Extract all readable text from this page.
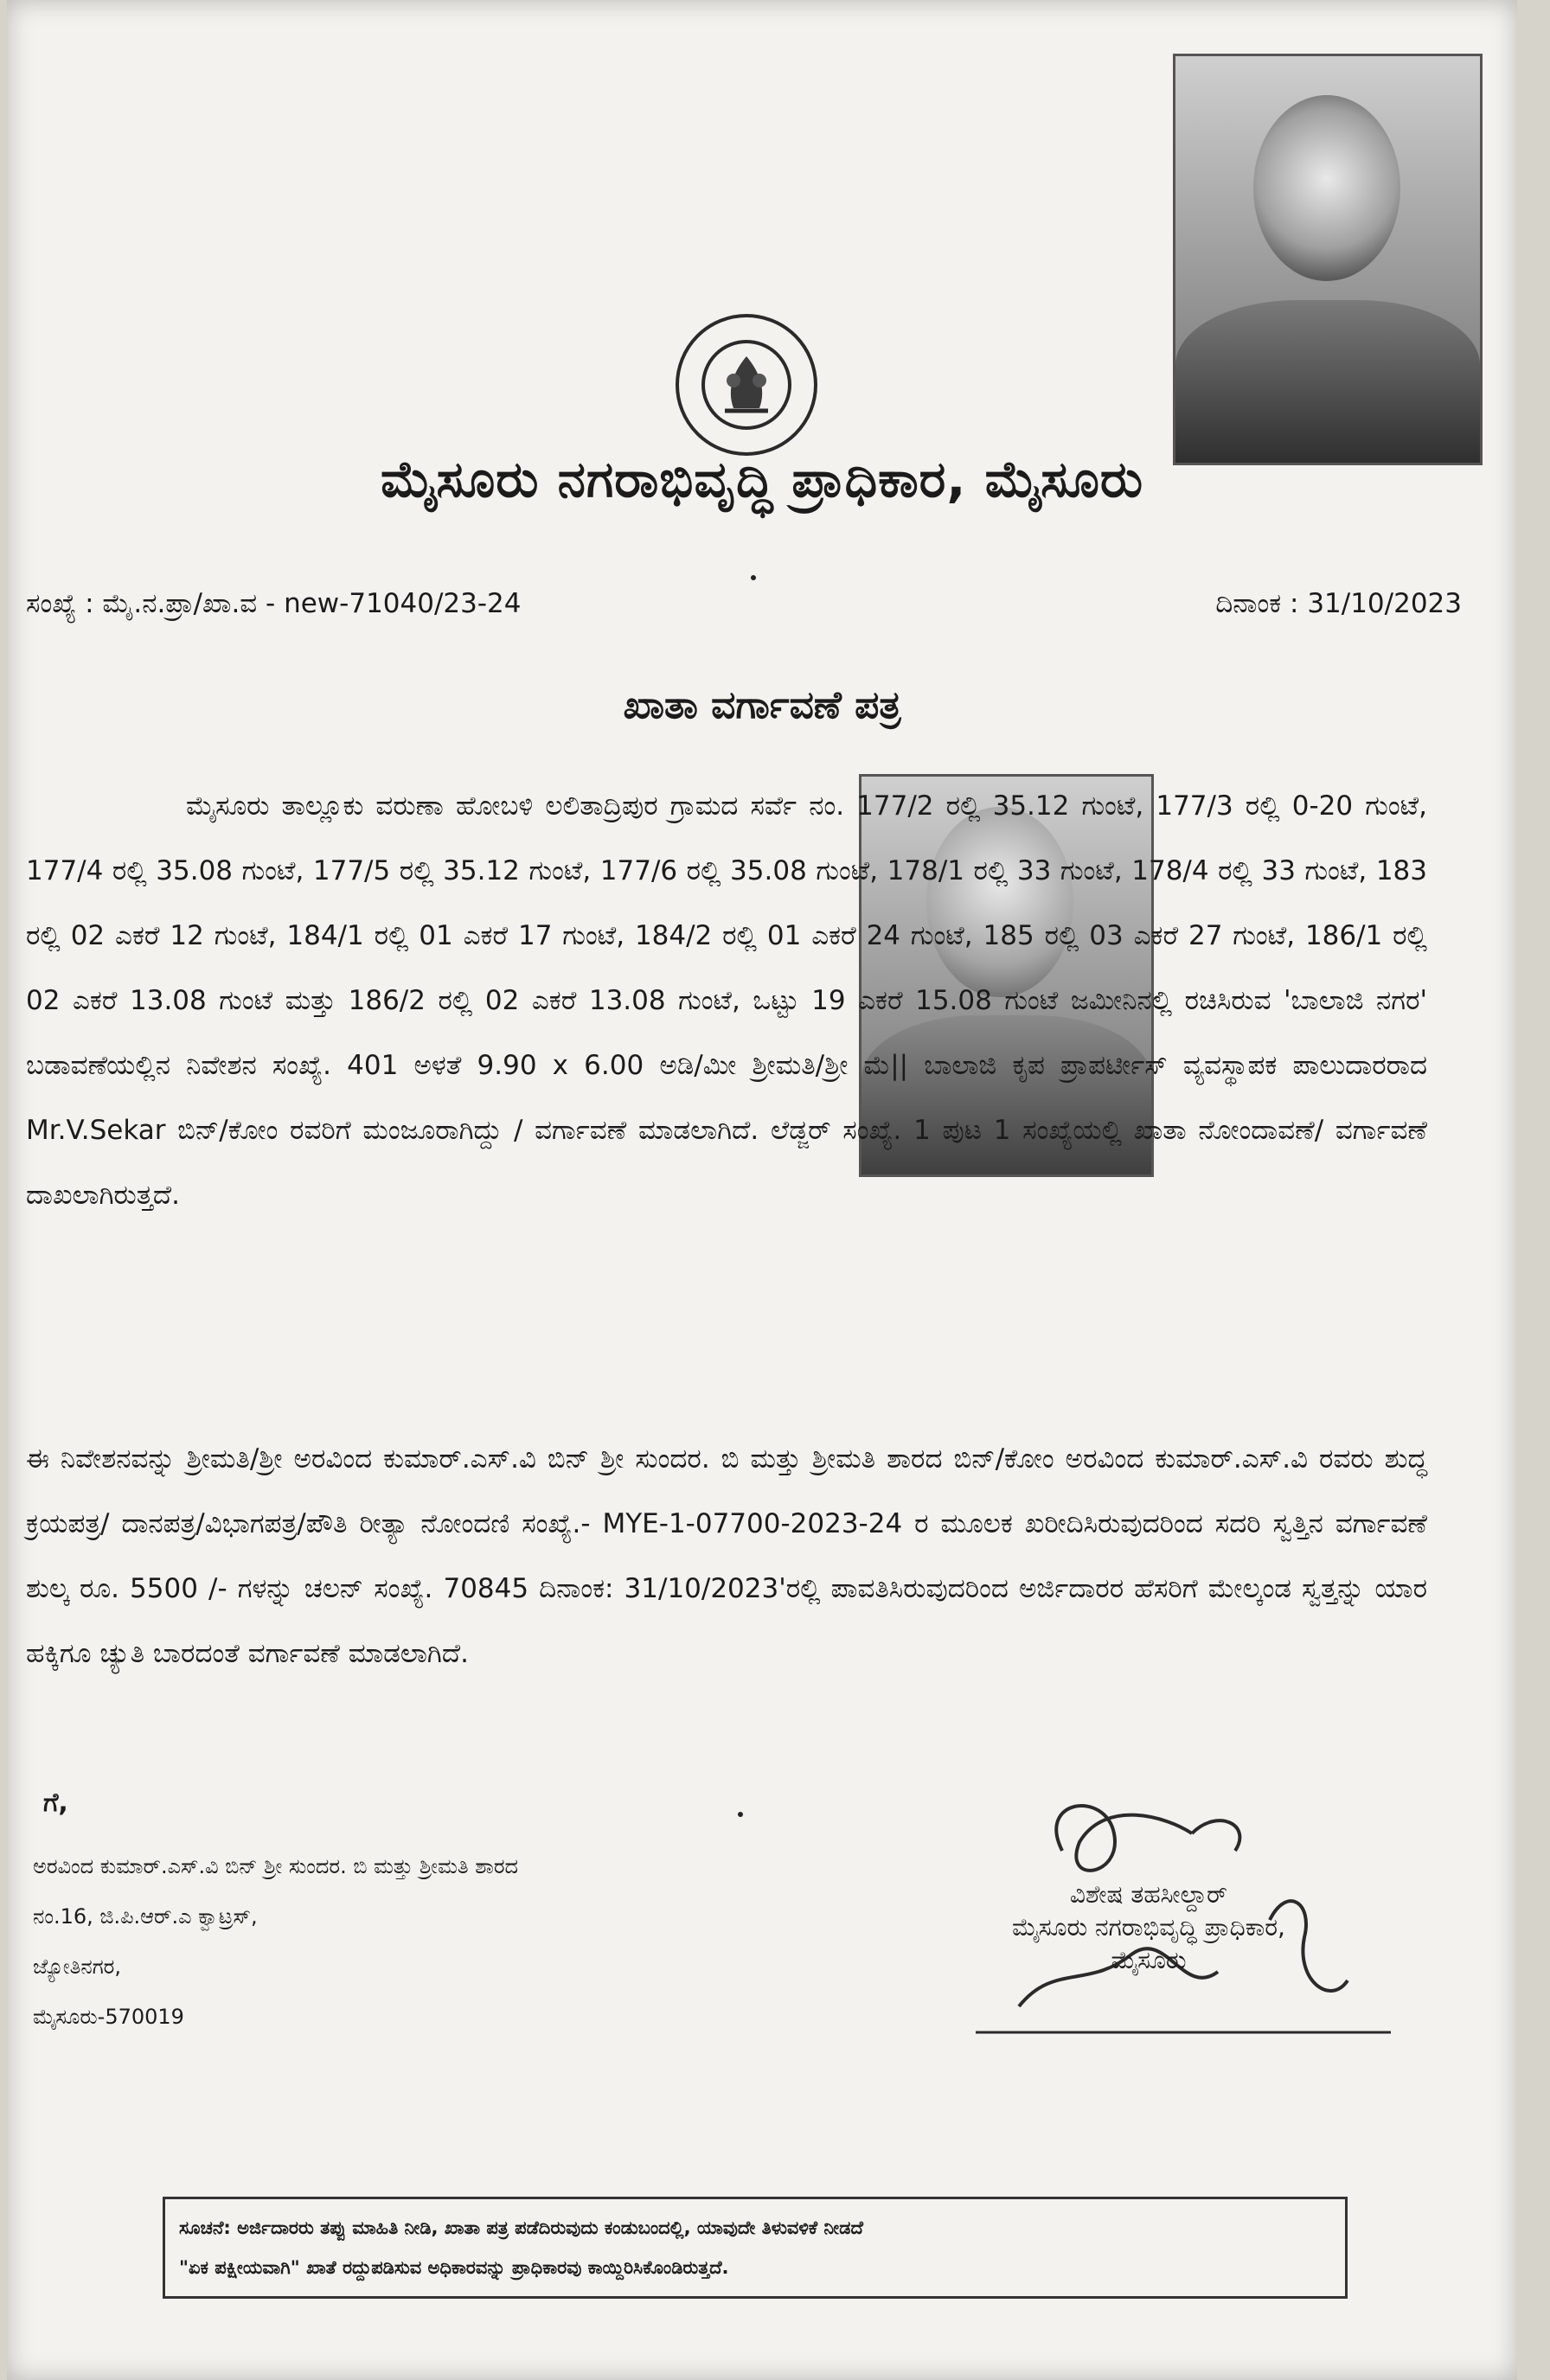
ಮೈಸೂರು ನಗರಾಭಿವೃದ್ಧಿ ಪ್ರಾಧಿಕಾರ, ಮೈಸೂರು
ಸಂಖ್ಯೆ : ಮೈ.ನ.ಪ್ರಾ/ಖಾ.ವ - new-71040/23-24	ದಿನಾಂಕ : 31/10/2023
ಖಾತಾ ವರ್ಗಾವಣೆ ಪತ್ರ
ಮೈಸೂರು ತಾಲ್ಲೂಕು ವರುಣಾ ಹೋಬಳಿ ಲಲಿತಾದ್ರಿಪುರ ಗ್ರಾಮದ ಸರ್ವೆ ನಂ. 177/2 ರಲ್ಲಿ 35.12 ಗುಂಟೆ, 177/3 ರಲ್ಲಿ 0-20 ಗುಂಟೆ, 177/4 ರಲ್ಲಿ 35.08 ಗುಂಟೆ, 177/5 ರಲ್ಲಿ 35.12 ಗುಂಟೆ, 177/6 ರಲ್ಲಿ 35.08 ಗುಂಟೆ, 178/1 ರಲ್ಲಿ 33 ಗುಂಟೆ, 178/4 ರಲ್ಲಿ 33 ಗುಂಟೆ, 183 ರಲ್ಲಿ 02 ಎಕರೆ 12 ಗುಂಟೆ, 184/1 ರಲ್ಲಿ 01 ಎಕರೆ 17 ಗುಂಟೆ, 184/2 ರಲ್ಲಿ 01 ಎಕರೆ 24 ಗುಂಟೆ, 185 ರಲ್ಲಿ 03 ಎಕರೆ 27 ಗುಂಟೆ, 186/1 ರಲ್ಲಿ 02 ಎಕರೆ 13.08 ಗುಂಟೆ ಮತ್ತು 186/2 ರಲ್ಲಿ 02 ಎಕರೆ 13.08 ಗುಂಟೆ, ಒಟ್ಟು 19 ಎಕರೆ 15.08 ಗುಂಟೆ ಜಮೀನಿನಲ್ಲಿ ರಚಿಸಿರುವ 'ಬಾಲಾಜಿ ನಗರ' ಬಡಾವಣೆಯಲ್ಲಿನ ನಿವೇಶನ ಸಂಖ್ಯೆ. 401 ಅಳತೆ 9.90 x 6.00 ಅಡಿ/ಮೀ ಶ್ರೀಮತಿ/ಶ್ರೀ ಮೆ|| ಬಾಲಾಜಿ ಕೃಪ ಪ್ರಾಪರ್ಟೀಸ್ ವ್ಯವಸ್ಥಾಪಕ ಪಾಲುದಾರರಾದ Mr.V.Sekar ಬಿನ್/ಕೋಂ ರವರಿಗೆ ಮಂಜೂರಾಗಿದ್ದು / ವರ್ಗಾವಣೆ ಮಾಡಲಾಗಿದೆ. ಲೆಡ್ಜರ್ ಸಂಖ್ಯೆ. 1 ಪುಟ 1 ಸಂಖ್ಯೆಯಲ್ಲಿ ಖಾತಾ ನೋಂದಾವಣೆ/ ವರ್ಗಾವಣೆ ದಾಖಲಾಗಿರುತ್ತದೆ.
ಈ ನಿವೇಶನವನ್ನು ಶ್ರೀಮತಿ/ಶ್ರೀ ಅರವಿಂದ ಕುಮಾರ್.ಎಸ್.ವಿ ಬಿನ್ ಶ್ರೀ ಸುಂದರ. ಬಿ ಮತ್ತು ಶ್ರೀಮತಿ ಶಾರದ ಬಿನ್/ಕೋಂ ಅರವಿಂದ ಕುಮಾರ್.ಎಸ್.ವಿ ರವರು ಶುದ್ಧ ಕ್ರಯಪತ್ರ/ ದಾನಪತ್ರ/ವಿಭಾಗಪತ್ರ/ಪೌತಿ ರೀತ್ಯಾ ನೋಂದಣಿ ಸಂಖ್ಯೆ.- MYE-1-07700-2023-24 ರ ಮೂಲಕ ಖರೀದಿಸಿರುವುದರಿಂದ ಸದರಿ ಸ್ವತ್ತಿನ ವರ್ಗಾವಣೆ ಶುಲ್ಕ ರೂ. 5500 /- ಗಳನ್ನು ಚಲನ್ ಸಂಖ್ಯೆ. 70845 ದಿನಾಂಕ: 31/10/2023'ರಲ್ಲಿ ಪಾವತಿಸಿರುವುದರಿಂದ ಅರ್ಜಿದಾರರ ಹೆಸರಿಗೆ ಮೇಲ್ಕಂಡ ಸ್ವತ್ತನ್ನು ಯಾರ ಹಕ್ಕಿಗೂ ಚ್ಯುತಿ ಬಾರದಂತೆ ವರ್ಗಾವಣೆ ಮಾಡಲಾಗಿದೆ.
ಗೆ,
ಅರವಿಂದ ಕುಮಾರ್.ಎಸ್.ವಿ ಬಿನ್ ಶ್ರೀ ಸುಂದರ. ಬಿ ಮತ್ತು ಶ್ರೀಮತಿ ಶಾರದ
ನಂ.16, ಜಿ.ಪಿ.ಆರ್.ಎ ಕ್ವಾಟ್ರಸ್,
ಜ್ಯೋತಿನಗರ,
ಮೈಸೂರು-570019
ವಿಶೇಷ ತಹಸೀಲ್ದಾರ್
ಮೈಸೂರು ನಗರಾಭಿವೃದ್ಧಿ ಪ್ರಾಧಿಕಾರ,
ಮೈಸೂರು
ಸೂಚನೆ: ಅರ್ಜಿದಾರರು ತಪ್ಪು ಮಾಹಿತಿ ನೀಡಿ, ಖಾತಾ ಪತ್ರ ಪಡೆದಿರುವುದು ಕಂಡುಬಂದಲ್ಲಿ, ಯಾವುದೇ ತಿಳುವಳಿಕೆ ನೀಡದೆ
"ಏಕ ಪಕ್ಷೀಯವಾಗಿ" ಖಾತೆ ರದ್ದುಪಡಿಸುವ ಅಧಿಕಾರವನ್ನು ಪ್ರಾಧಿಕಾರವು ಕಾಯ್ದಿರಿಸಿಕೊಂಡಿರುತ್ತದೆ.
